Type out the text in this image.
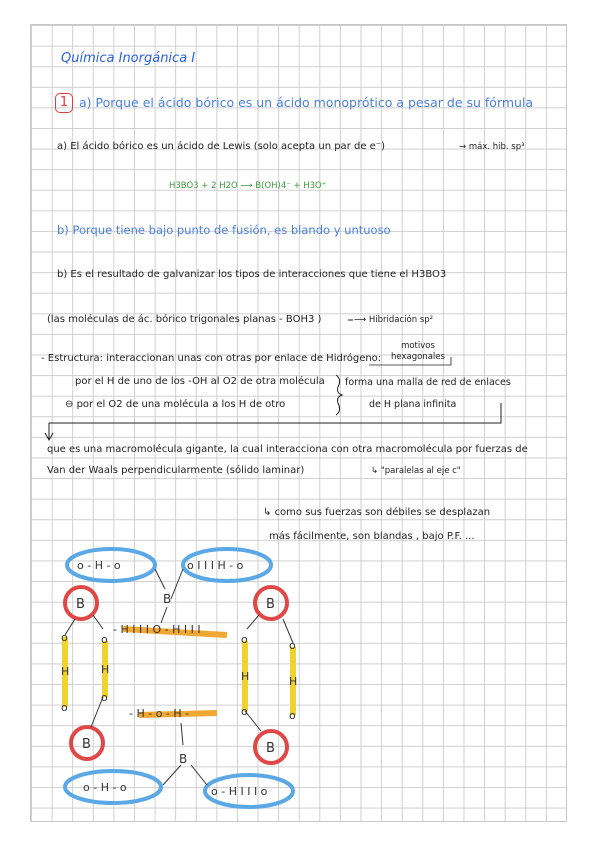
Química Inorgánica I
1 a) Porque el ácido bórico es un ácido monoprótico a pesar de su fórmula
a) El ácido bórico es un ácido de Lewis (solo acepta un par de e⁻)	→ máx. hib. sp³
H3BO3 + 2 H2O ⟶ B(OH)4⁻ + H3O⁺
b) Porque tiene bajo punto de fusión, es blando y untuoso
b) Es el resultado de galvanizar los tipos de interacciones que tiene el H3BO3
(las moléculas de ác. bórico trigonales planas - BOH3 )	⟶ Hibridación sp²
- Estructura: interaccionan unas con otras por enlace de Hidrógeno:
motivos hexagonales
por el H de uno de los -OH al O2 de otra molécula
⊖ por el O2 de una molécula a los H de otro
forma una malla de red de enlaces
de H plana infinita
que es una macromolécula gigante, la cual interacciona con otra macromolécula por fuerzas de
Van der Waals perpendicularmente (sólido laminar)	↳ "paralelas al eje c"
↳ como sus fuerzas son débiles se desplazan
más fácilmente, son blandas , bajo P.F. ...
o - H - o	o I I I H - o
o - H - o	o - H I I I o
- H I I I O - H I I I
- H - o - H -
B	B
B	B
B
B
H	H
H	H
o
o
o
o
o
o
o
o
